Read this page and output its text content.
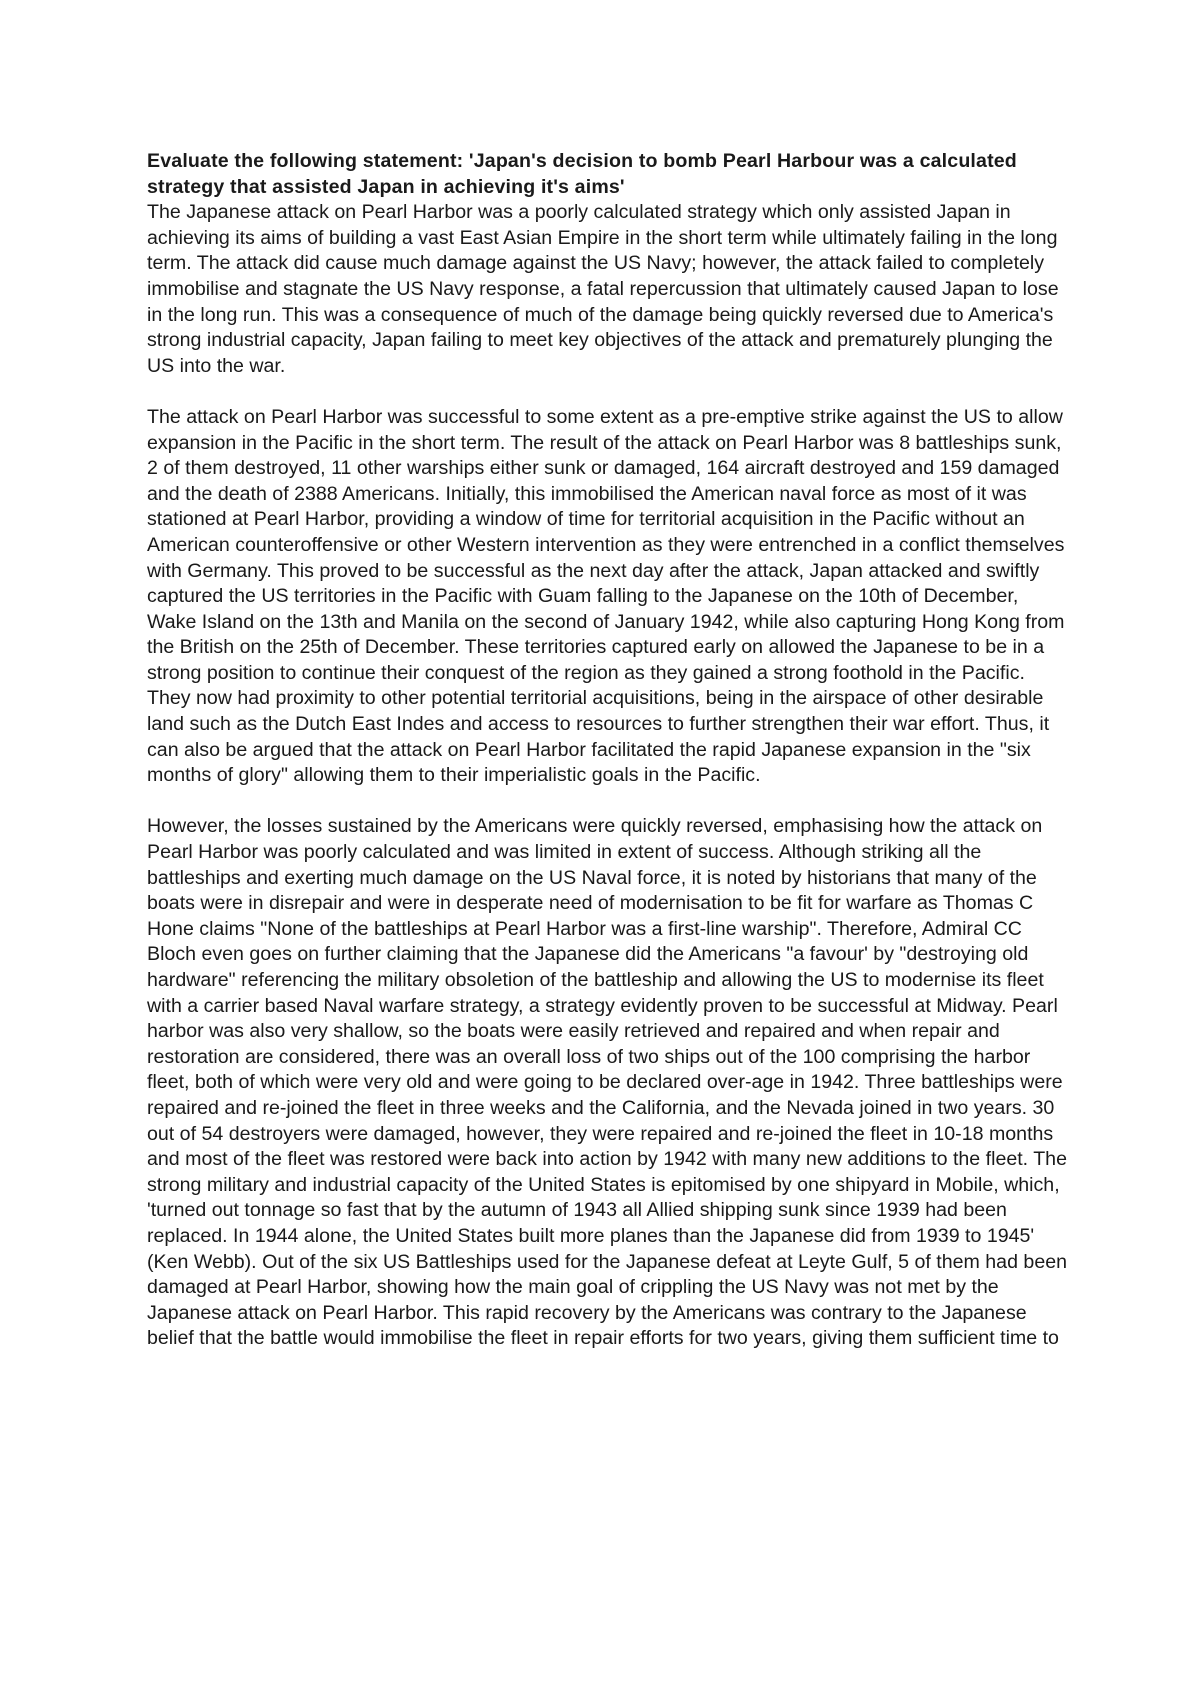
Evaluate the following statement: 'Japan's decision to bomb Pearl Harbour was a calculated strategy that assisted Japan in achieving it's aims'

The Japanese attack on Pearl Harbor was a poorly calculated strategy which only assisted Japan in achieving its aims of building a vast East Asian Empire in the short term while ultimately failing in the long term. The attack did cause much damage against the US Navy; however, the attack failed to completely immobilise and stagnate the US Navy response, a fatal repercussion that ultimately caused Japan to lose in the long run. This was a consequence of much of the damage being quickly reversed due to America's strong industrial capacity, Japan failing to meet key objectives of the attack and prematurely plunging the US into the war.

The attack on Pearl Harbor was successful to some extent as a pre-emptive strike against the US to allow expansion in the Pacific in the short term. The result of the attack on Pearl Harbor was 8 battleships sunk, 2 of them destroyed, 11 other warships either sunk or damaged, 164 aircraft destroyed and 159 damaged and the death of 2388 Americans. Initially, this immobilised the American naval force as most of it was stationed at Pearl Harbor, providing a window of time for territorial acquisition in the Pacific without an American counteroffensive or other Western intervention as they were entrenched in a conflict themselves with Germany. This proved to be successful as the next day after the attack, Japan attacked and swiftly captured the US territories in the Pacific with Guam falling to the Japanese on the 10th of December, Wake Island on the 13th and Manila on the second of January 1942, while also capturing Hong Kong from the British on the 25th of December. These territories captured early on allowed the Japanese to be in a strong position to continue their conquest of the region as they gained a strong foothold in the Pacific. They now had proximity to other potential territorial acquisitions, being in the airspace of other desirable land such as the Dutch East Indes and access to resources to further strengthen their war effort. Thus, it can also be argued that the attack on Pearl Harbor facilitated the rapid Japanese expansion in the "six months of glory" allowing them to their imperialistic goals in the Pacific.

However, the losses sustained by the Americans were quickly reversed, emphasising how the attack on Pearl Harbor was poorly calculated and was limited in extent of success. Although striking all the battleships and exerting much damage on the US Naval force, it is noted by historians that many of the boats were in disrepair and were in desperate need of modernisation to be fit for warfare as Thomas C Hone claims "None of the battleships at Pearl Harbor was a first-line warship". Therefore, Admiral CC Bloch even goes on further claiming that the Japanese did the Americans "a favour' by "destroying old hardware" referencing the military obsoletion of the battleship and allowing the US to modernise its fleet with a carrier based Naval warfare strategy, a strategy evidently proven to be successful at Midway. Pearl harbor was also very shallow, so the boats were easily retrieved and repaired and when repair and restoration are considered, there was an overall loss of two ships out of the 100 comprising the harbor fleet, both of which were very old and were going to be declared over-age in 1942. Three battleships were repaired and re-joined the fleet in three weeks and the California, and the Nevada joined in two years. 30 out of 54 destroyers were damaged, however, they were repaired and re-joined the fleet in 10-18 months and most of the fleet was restored were back into action by 1942 with many new additions to the fleet. The strong military and industrial capacity of the United States is epitomised by one shipyard in Mobile, which, 'turned out tonnage so fast that by the autumn of 1943 all Allied shipping sunk since 1939 had been replaced. In 1944 alone, the United States built more planes than the Japanese did from 1939 to 1945' (Ken Webb). Out of the six US Battleships used for the Japanese defeat at Leyte Gulf, 5 of them had been damaged at Pearl Harbor, showing how the main goal of crippling the US Navy was not met by the Japanese attack on Pearl Harbor. This rapid recovery by the Americans was contrary to the Japanese belief that the battle would immobilise the fleet in repair efforts for two years, giving them sufficient time to
